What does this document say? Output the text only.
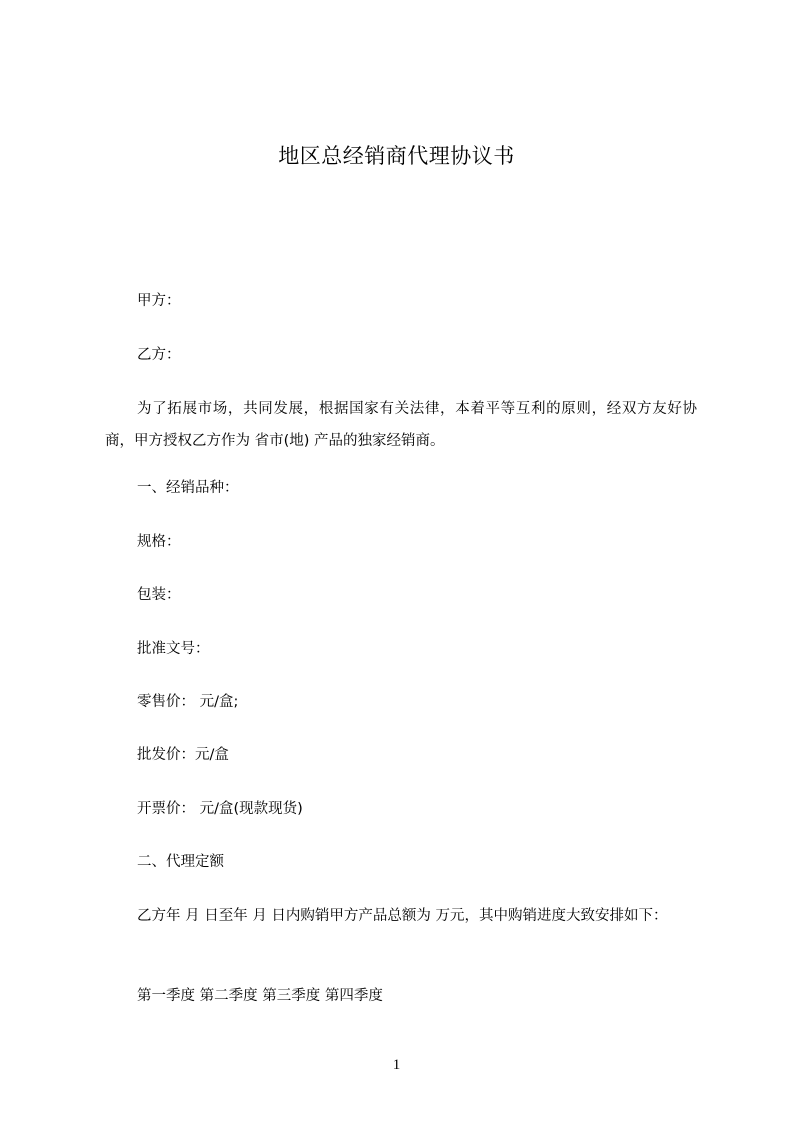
地区总经销商代理协议书

甲方：

乙方：

为了拓展市场，共同发展，根据国家有关法律，本着平等互利的原则，经双方友好协商，甲方授权乙方作为 省市(地) 产品的独家经销商。

一、经销品种：

规格：

包装：

批准文号：

零售价： 元/盒;

批发价：元/盒

开票价： 元/盒(现款现货)

二、代理定额

乙方年 月 日至年 月 日内购销甲方产品总额为 万元，其中购销进度大致安排如下：

第一季度 第二季度 第三季度 第四季度

1
